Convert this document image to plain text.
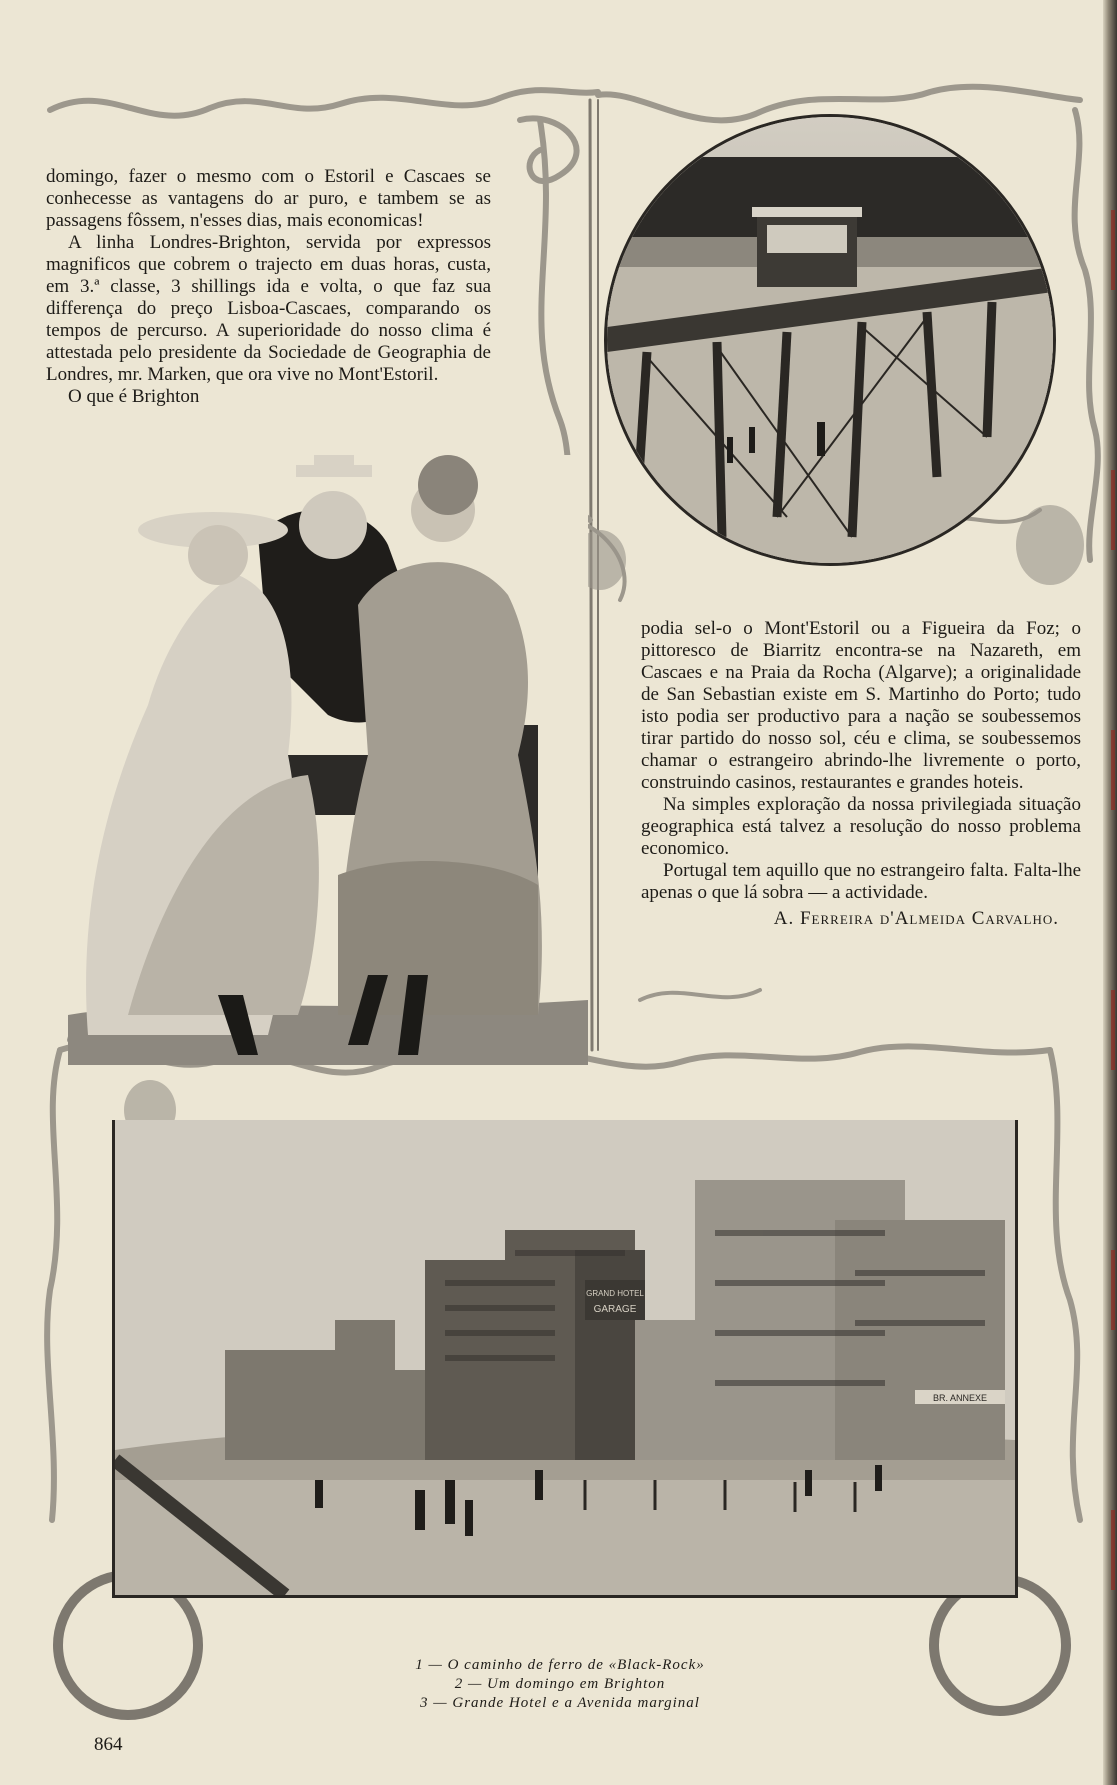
domingo, fazer o mesmo com o Estoril e Cascaes se conhecesse as vantagens do ar puro, e tambem se as passagens fôssem, n'esses dias, mais economicas!

A linha Londres-Brighton, servida por expressos magnificos que cobrem o trajecto em duas horas, custa, em 3.ª classe, 3 shillings ida e volta, o que faz sua differença do preço Lisboa-Cascaes, comparando os tempos de percurso. A superioridade do nosso clima é attestada pelo presidente da Sociedade de Geographia de Londres, mr. Marken, que ora vive no Mont'Estoril.

O que é Brighton

podia sel-o o Mont'Estoril ou a Figueira da Foz; o pittoresco de Biarritz encontra-se na Nazareth, em Cascaes e na Praia da Rocha (Algarve); a originalidade de San Sebastian existe em S. Martinho do Porto; tudo isto podia ser productivo para a nação se soubessemos tirar partido do nosso sol, céu e clima, se soubessemos chamar o estrangeiro abrindo-lhe livremente o porto, construindo casinos, restaurantes e grandes hoteis.

Na simples exploração da nossa privilegiada situação geographica está talvez a resolução do nosso problema economico.

Portugal tem aquillo que no estrangeiro falta. Falta-lhe apenas o que lá sobra — a actividade.

A. Ferreira d'Almeida Carvalho.
GRAND HOTEL
GARAGE
BR. ANNEXE
1 — O caminho de ferro de «Black-Rock»
2 — Um domingo em Brighton
3 — Grande Hotel e a Avenida marginal
864
